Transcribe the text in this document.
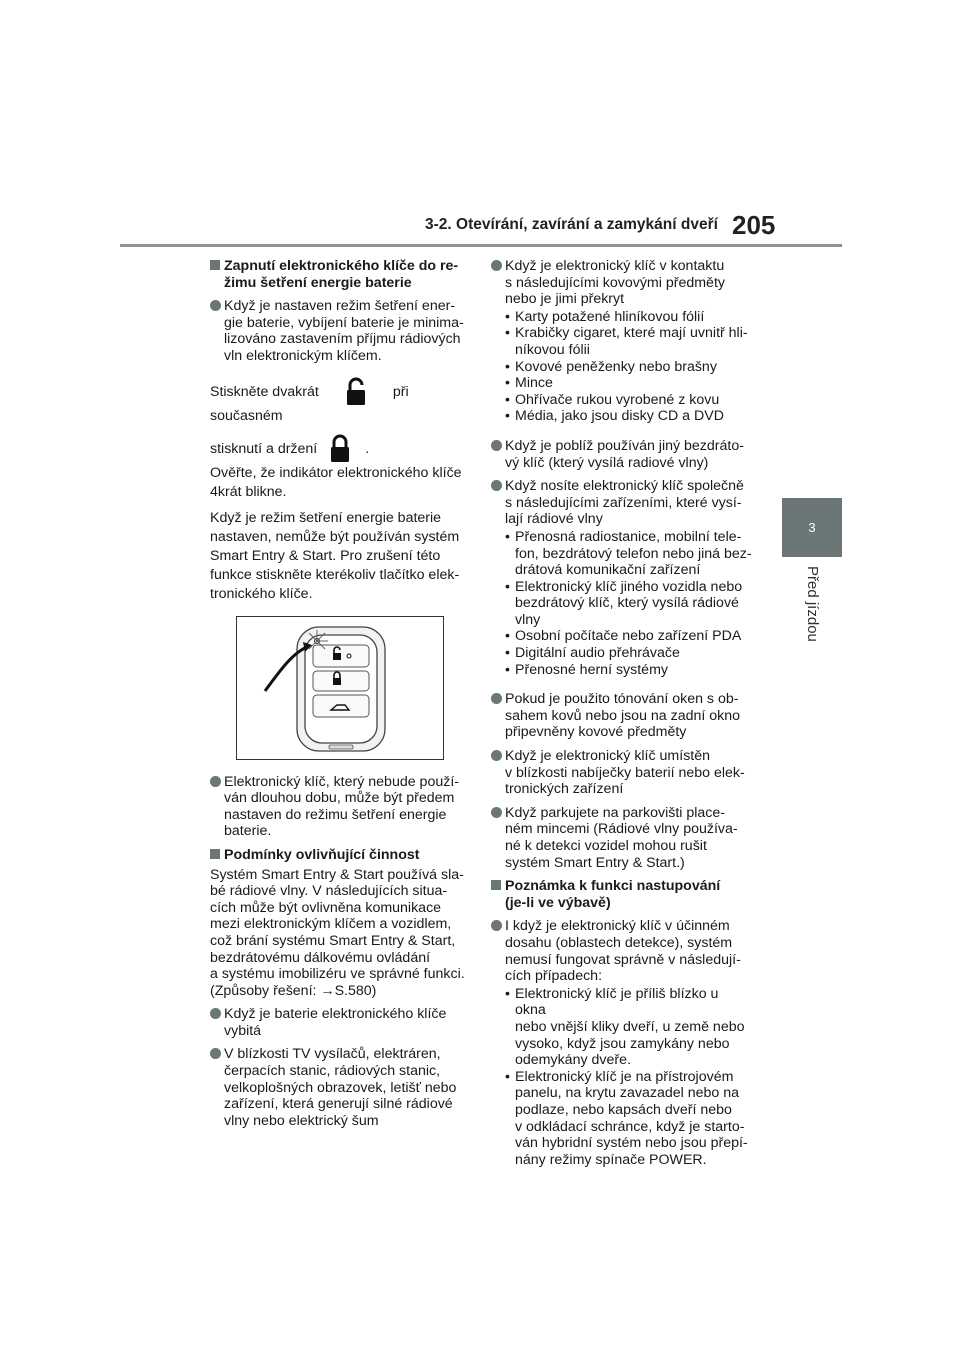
3-2. Otevírání, zavírání a zamykání dveří 205
3
Před jízdou
Zapnutí elektronického klíče do re-
žimu šetření energie baterie
Když je nastaven režim šetření ener-
gie baterie, vybíjení baterie je minima-
lizováno zastavením příjmu rádiových
vln elektronickým klíčem.
Stiskněte dvakrát	při současném
stisknutí a držení	.
Ověřte, že indikátor elektronického klíče
4krát blikne.
Když je režim šetření energie baterie
nastaven, nemůže být používán systém
Smart Entry & Start. Pro zrušení této
funkce stiskněte kterékoliv tlačítko elek-
tronického klíče.
Elektronický klíč, který nebude použí-
ván dlouhou dobu, může být předem
nastaven do režimu šetření energie
baterie.
Podmínky ovlivňující činnost
Systém Smart Entry & Start používá sla-
bé rádiové vlny. V následujících situa-
cích může být ovlivněna komunikace
mezi elektronickým klíčem a vozidlem,
což brání systému Smart Entry & Start,
bezdrátovému dálkovému ovládání
a systému imobilizéru ve správné funkci.
(Způsoby řešení: →S.580)
Když je baterie elektronického klíče
vybitá
V blízkosti TV vysílačů, elektráren,
čerpacích stanic, rádiových stanic,
velkoplošných obrazovek, letišť nebo
zařízení, která generují silné rádiové
vlny nebo elektrický šum
Když je elektronický klíč v kontaktu
s následujícími kovovými předměty
nebo je jimi překryt
• Karty potažené hliníkovou fólií
• Krabičky cigaret, které mají uvnitř hli-
níkovou fólii
• Kovové peněženky nebo brašny
• Mince
• Ohřívače rukou vyrobené z kovu
• Média, jako jsou disky CD a DVD
Když je poblíž používán jiný bezdráto-
vý klíč (který vysílá radiové vlny)
Když nosíte elektronický klíč společně
s následujícími zařízeními, které vysí-
lají rádiové vlny
• Přenosná radiostanice, mobilní tele-
fon, bezdrátový telefon nebo jiná bez-
drátová komunikační zařízení
• Elektronický klíč jiného vozidla nebo
bezdrátový klíč, který vysílá rádiové
vlny
• Osobní počítače nebo zařízení PDA
• Digitální audio přehrávače
• Přenosné herní systémy
Pokud je použito tónování oken s ob-
sahem kovů nebo jsou na zadní okno
připevněny kovové předměty
Když je elektronický klíč umístěn
v blízkosti nabíječky baterií nebo elek-
tronických zařízení
Když parkujete na parkovišti place-
ném mincemi (Rádiové vlny používa-
né k detekci vozidel mohou rušit
systém Smart Entry & Start.)
Poznámka k funkci nastupování
(je-li ve výbavě)
I když je elektronický klíč v účinném
dosahu (oblastech detekce), systém
nemusí fungovat správně v následují-
cích případech:
• Elektronický klíč je příliš blízko u okna
nebo vnější kliky dveří, u země nebo
vysoko, když jsou zamykány nebo
odemykány dveře.
• Elektronický klíč je na přístrojovém
panelu, na krytu zavazadel nebo na
podlaze, nebo kapsách dveří nebo
v odkládací schránce, když je starto-
ván hybridní systém nebo jsou přepí-
nány režimy spínače POWER.
